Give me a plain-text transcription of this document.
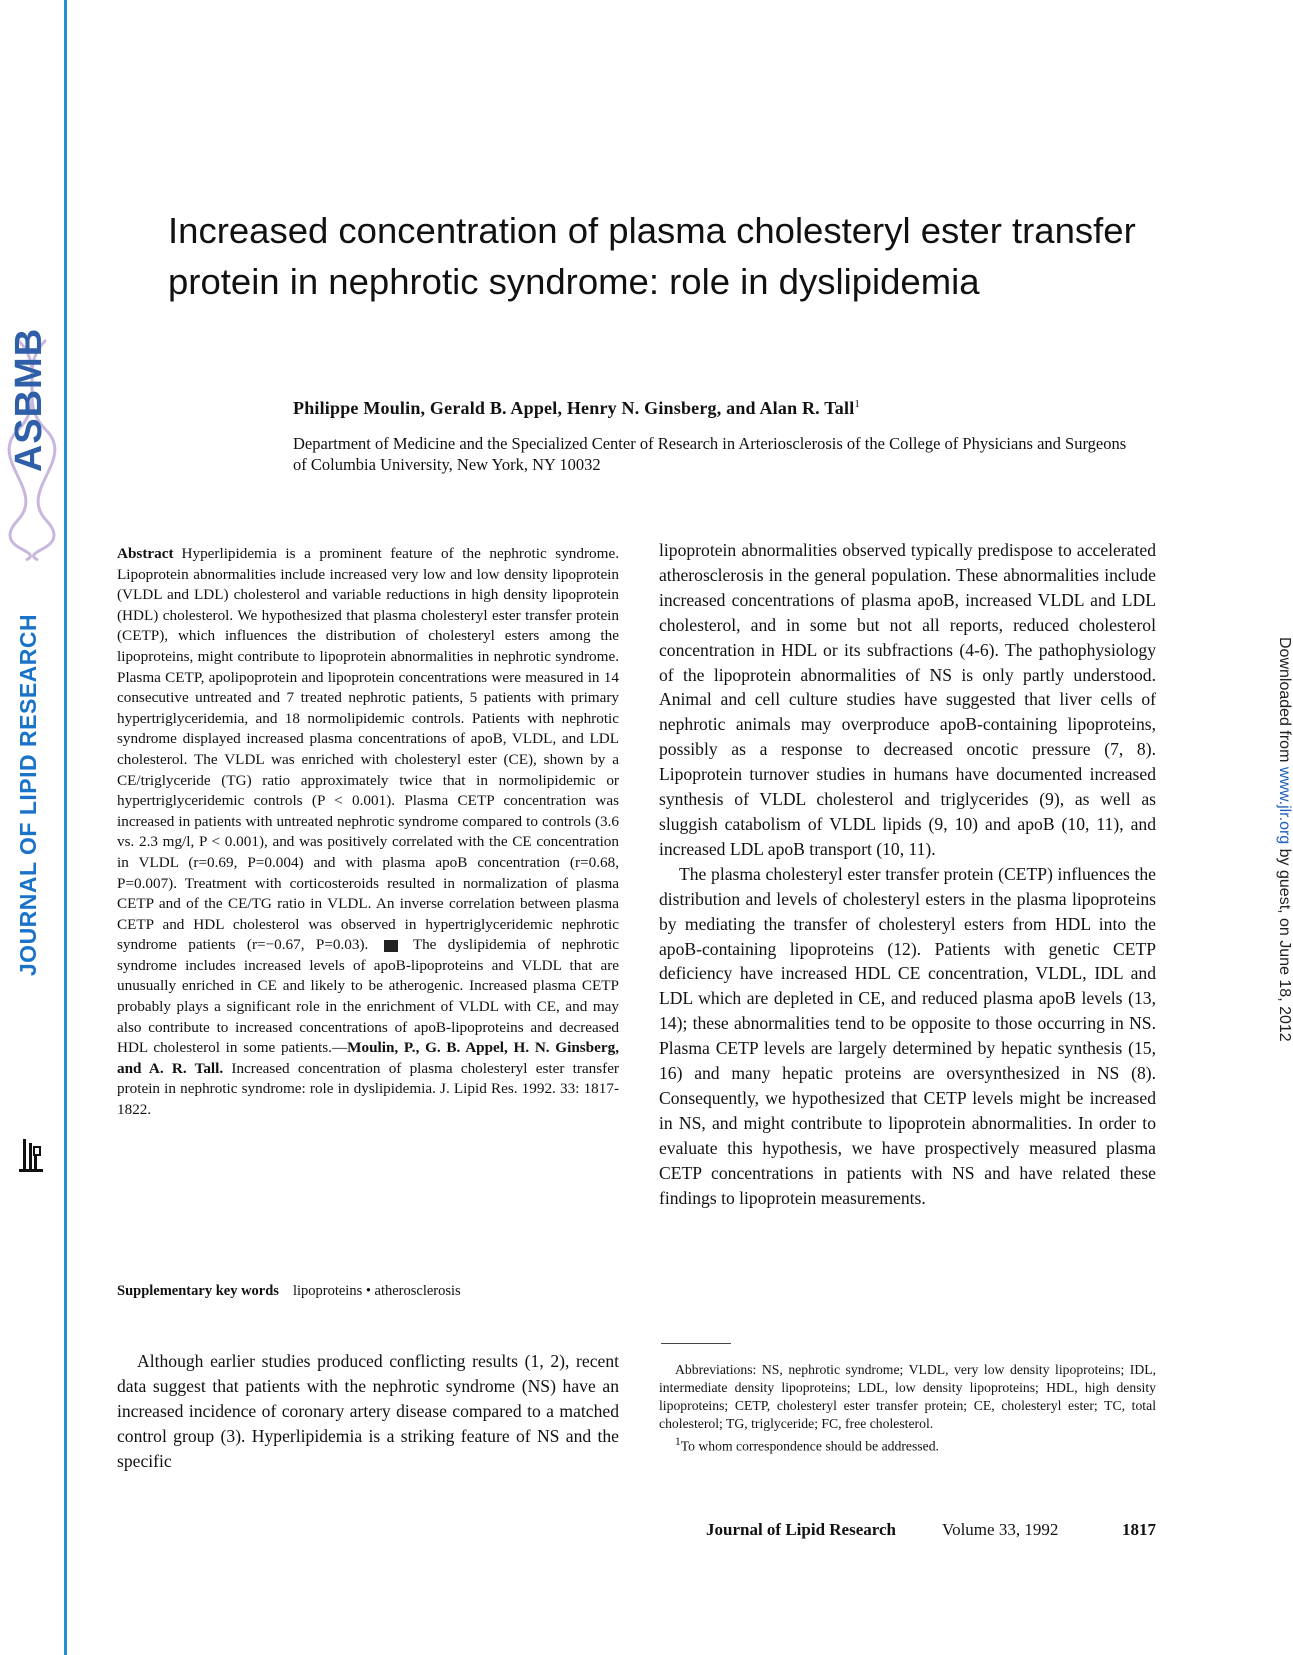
ASBMB
JOURNAL OF LIPID RESEARCH	Downloaded from www.jlr.org by guest, on June 18, 2012
Increased concentration of plasma cholesteryl ester transfer protein in nephrotic syndrome: role in dyslipidemia
Philippe Moulin, Gerald B. Appel, Henry N. Ginsberg, and Alan R. Tall$^1$
Department of Medicine and the Specialized Center of Research in Arteriosclerosis of the College of Physicians and Surgeons of Columbia University, New York, NY 10032
Abstract Hyperlipidemia is a prominent feature of the nephrotic syndrome. Lipoprotein abnormalities include increased very low and low density lipoprotein (VLDL and LDL) cholesterol and variable reductions in high density lipoprotein (HDL) cholesterol. We hypothesized that plasma cholesteryl ester transfer protein (CETP), which influences the distribution of cholesteryl esters among the lipoproteins, might contribute to lipoprotein abnormalities in nephrotic syndrome. Plasma CETP, apolipoprotein and lipoprotein concentrations were measured in 14 consecutive untreated and 7 treated nephrotic patients, 5 patients with primary hypertriglyceridemia, and 18 normolipidemic controls. Patients with nephrotic syndrome displayed increased plasma concentrations of apoB, VLDL, and LDL cholesterol. The VLDL was enriched with cholesteryl ester (CE), shown by a CE/triglyceride (TG) ratio approximately twice that in normolipidemic or hypertriglyceridemic controls (P < 0.001). Plasma CETP concentration was increased in patients with untreated nephrotic syndrome compared to controls (3.6 vs. 2.3 mg/l, P < 0.001), and was positively correlated with the CE concentration in VLDL (r=0.69, P=0.004) and with plasma apoB concentration (r=0.68, P=0.007). Treatment with corticosteroids resulted in normalization of plasma CETP and of the CE/TG ratio in VLDL. An inverse correlation between plasma CETP and HDL cholesterol was observed in hypertriglyceridemic nephrotic syndrome patients (r=−0.67, P=0.03).	The dyslipidemia of nephrotic syndrome includes increased levels of apoB-lipoproteins and VLDL that are unusually enriched in CE and likely to be atherogenic. Increased plasma CETP probably plays a significant role in the enrichment of VLDL with CE, and may also contribute to increased concentrations of apoB-lipoproteins and decreased HDL cholesterol in some patients.—Moulin, P., G. B. Appel, H. N. Ginsberg, and A. R. Tall. Increased concentration of plasma cholesteryl ester transfer protein in nephrotic syndrome: role in dyslipidemia. J. Lipid Res. 1992. 33: 1817-1822.
Supplementary key words lipoproteins • atherosclerosis

Although earlier studies produced conflicting results (1, 2), recent data suggest that patients with the nephrotic syndrome (NS) have an increased incidence of coronary artery disease compared to a matched control group (3). Hyperlipidemia is a striking feature of NS and the specific

lipoprotein abnormalities observed typically predispose to accelerated atherosclerosis in the general population. These abnormalities include increased concentrations of plasma apoB, increased VLDL and LDL cholesterol, and in some but not all reports, reduced cholesterol concentration in HDL or its subfractions (4-6). The pathophysiology of the lipoprotein abnormalities of NS is only partly understood. Animal and cell culture studies have suggested that liver cells of nephrotic animals may overproduce apoB-containing lipoproteins, possibly as a response to decreased oncotic pressure (7, 8). Lipoprotein turnover studies in humans have documented increased synthesis of VLDL cholesterol and triglycerides (9), as well as sluggish catabolism of VLDL lipids (9, 10) and apoB (10, 11), and increased LDL apoB transport (10, 11).

The plasma cholesteryl ester transfer protein (CETP) influences the distribution and levels of cholesteryl esters in the plasma lipoproteins by mediating the transfer of cholesteryl esters from HDL into the apoB-containing lipoproteins (12). Patients with genetic CETP deficiency have increased HDL CE concentration, VLDL, IDL and LDL which are depleted in CE, and reduced plasma apoB levels (13, 14); these abnormalities tend to be opposite to those occurring in NS. Plasma CETP levels are largely determined by hepatic synthesis (15, 16) and many hepatic proteins are oversynthesized in NS (8). Consequently, we hypothesized that CETP levels might be increased in NS, and might contribute to lipoprotein abnormalities. In order to evaluate this hypothesis, we have prospectively measured plasma CETP concentrations in patients with NS and have related these findings to lipoprotein measurements.

Abbreviations: NS, nephrotic syndrome; VLDL, very low density lipoproteins; IDL, intermediate density lipoproteins; LDL, low density lipoproteins; HDL, high density lipoproteins; CETP, cholesteryl ester transfer protein; CE, cholesteryl ester; TC, total cholesterol; TG, triglyceride; FC, free cholesterol.

$^1$To whom correspondence should be addressed.

Journal of Lipid Research	Volume 33, 1992	1817
